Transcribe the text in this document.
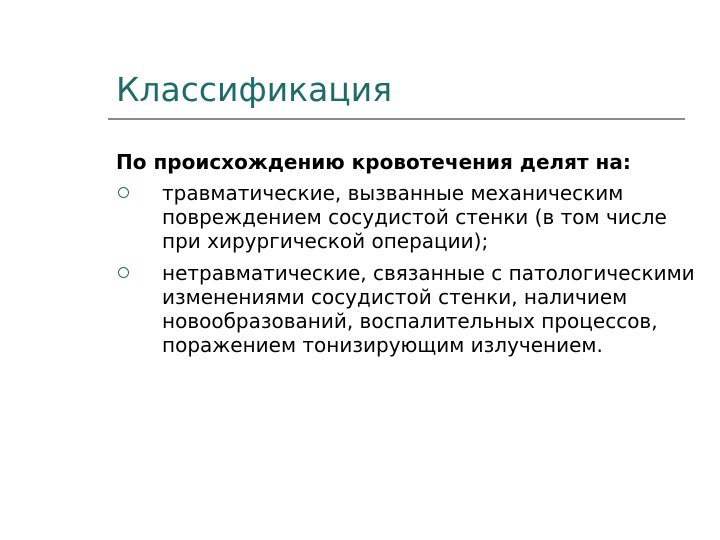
Классификация

По происхождению кровотечения делят на:

травматические, вызванные механическим повреждением сосудистой стенки (в том числе при хирургической операции);
нетравматические, связанные с патологическими изменениями сосудистой стенки, наличием новообразований, воспалительных процессов, поражением тонизирующим излучением.
